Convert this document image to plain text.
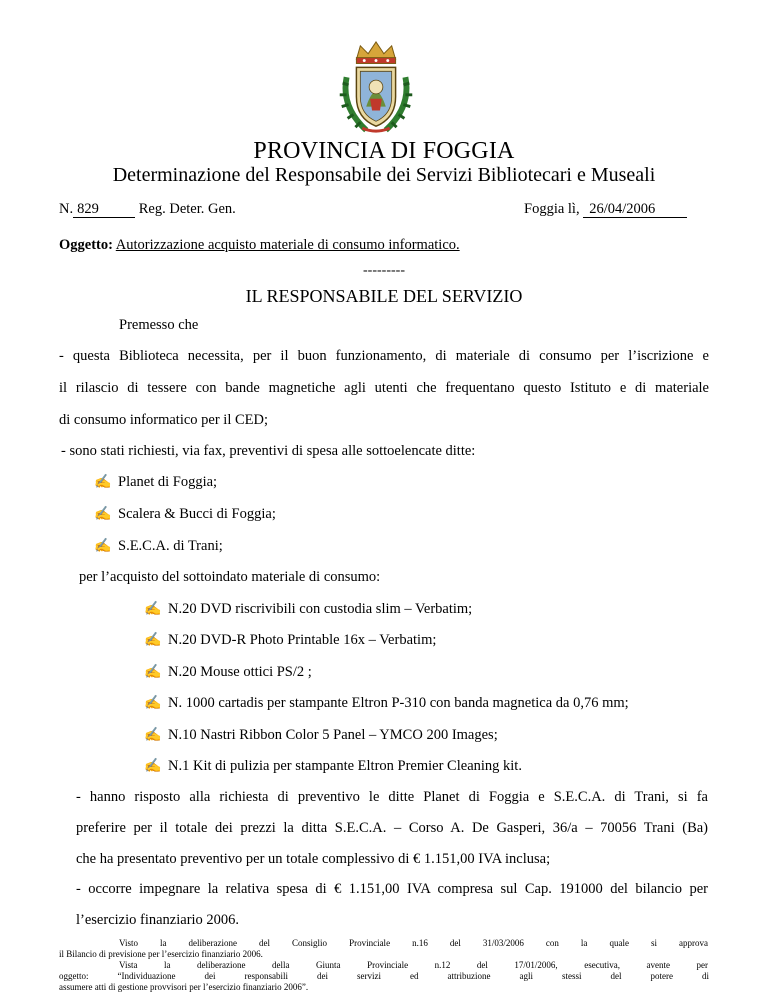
PROVINCIA DI FOGGIA
Determinazione del Responsabile dei Servizi Bibliotecari e Museali
N. 829	Reg. Deter. Gen.	Foggia lì, 26/04/2006
Oggetto: Autorizzazione acquisto materiale di consumo informatico.
---------
IL RESPONSABILE DEL SERVIZIO
Premesso che
- questa Biblioteca necessita, per il buon funzionamento, di materiale di consumo per l’iscrizione e
il rilascio di tessere con bande magnetiche agli utenti che frequentano questo Istituto e di materiale
di consumo informatico per il CED;
- sono stati richiesti, via fax, preventivi di spesa alle sottoelencate ditte:
✍ Planet di Foggia;
✍ Scalera & Bucci di Foggia;
✍ S.E.C.A. di Trani;
per l’acquisto del sottoindato materiale di consumo:
✍ N.20 DVD riscrivibili con custodia slim – Verbatim;
✍ N.20 DVD-R Photo Printable 16x – Verbatim;
✍ N.20 Mouse ottici PS/2 ;
✍ N. 1000 cartadis per stampante Eltron P-310 con banda magnetica da 0,76 mm;
✍ N.10 Nastri Ribbon Color 5 Panel – YMCO 200 Images;
✍ N.1 Kit di pulizia per stampante Eltron Premier Cleaning kit.
- hanno risposto alla richiesta di preventivo le ditte Planet di Foggia e S.E.C.A. di Trani, si fa
preferire per il totale dei prezzi la ditta S.E.C.A. – Corso A. De Gasperi, 36/a – 70056 Trani (Ba)
che ha presentato preventivo per un totale complessivo di € 1.151,00 IVA inclusa;
- occorre impegnare la relativa spesa di € 1.151,00 IVA compresa sul Cap. 191000 del bilancio per
l’esercizio finanziario 2006.
Visto la deliberazione del Consiglio Provinciale n.16 del 31/03/2006 con la quale si approva
il Bilancio di previsione per l’esercizio finanziario 2006.
Vista la deliberazione della Giunta Provinciale n.12 del 17/01/2006, esecutiva, avente per
oggetto: “Individuazione dei responsabili dei servizi ed attribuzione agli stessi del potere di
assumere atti di gestione provvisori per l’esercizio finanziario 2006”.
